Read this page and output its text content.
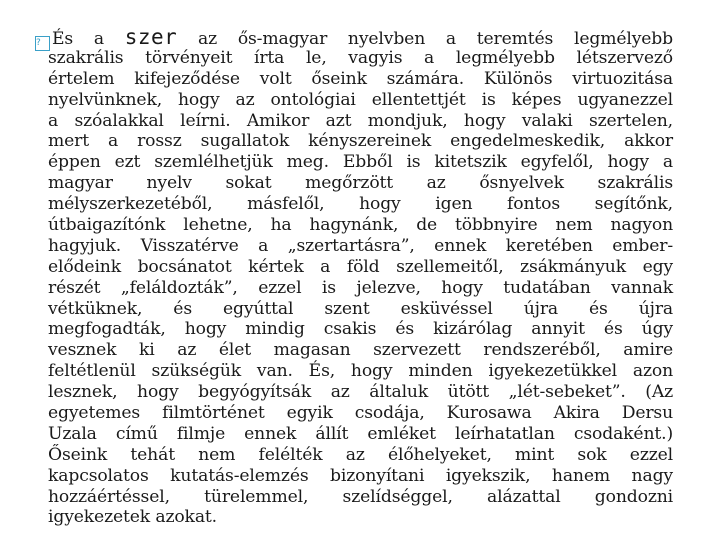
? És a szer az ős-magyar nyelvben a teremtés legmélyebb
szakrális törvényeit írta le, vagyis a legmélyebb létszervező
értelem kifejeződése volt őseink számára. Különös virtuozitása
nyelvünknek, hogy az ontológiai ellentettjét is képes ugyanezzel
a szóalakkal leírni. Amikor azt mondjuk, hogy valaki szertelen,
mert a rossz sugallatok kényszereinek engedelmeskedik, akkor
éppen ezt szemlélhetjük meg. Ebből is kitetszik egyfelől, hogy a
magyar nyelv sokat megőrzött az ősnyelvek szakrális
mélyszerkezetéből, másfelől, hogy igen fontos segítőnk,
útbaigazítónk lehetne, ha hagynánk, de többnyire nem nagyon
hagyjuk. Visszatérve a „szertartásra”, ennek keretében ember-
elődeink bocsánatot kértek a föld szellemeitől, zsákmányuk egy
részét „feláldozták”, ezzel is jelezve, hogy tudatában vannak
vétküknek, és egyúttal szent esküvéssel újra és újra
megfogadták, hogy mindig csakis és kizárólag annyit és úgy
vesznek ki az élet magasan szervezett rendszeréből, amire
feltétlenül szükségük van. És, hogy minden igyekezetükkel azon
lesznek, hogy begyógyítsák az általuk ütött „lét-sebeket”. (Az
egyetemes filmtörténet egyik csodája, Kurosawa Akira Dersu
Uzala című filmje ennek állít emléket leírhatatlan csodaként.)
Őseink tehát nem felélték az élőhelyeket, mint sok ezzel
kapcsolatos kutatás-elemzés bizonyítani igyekszik, hanem nagy
hozzáértéssel, türelemmel, szelídséggel, alázattal gondozni
igyekezetek azokat.
